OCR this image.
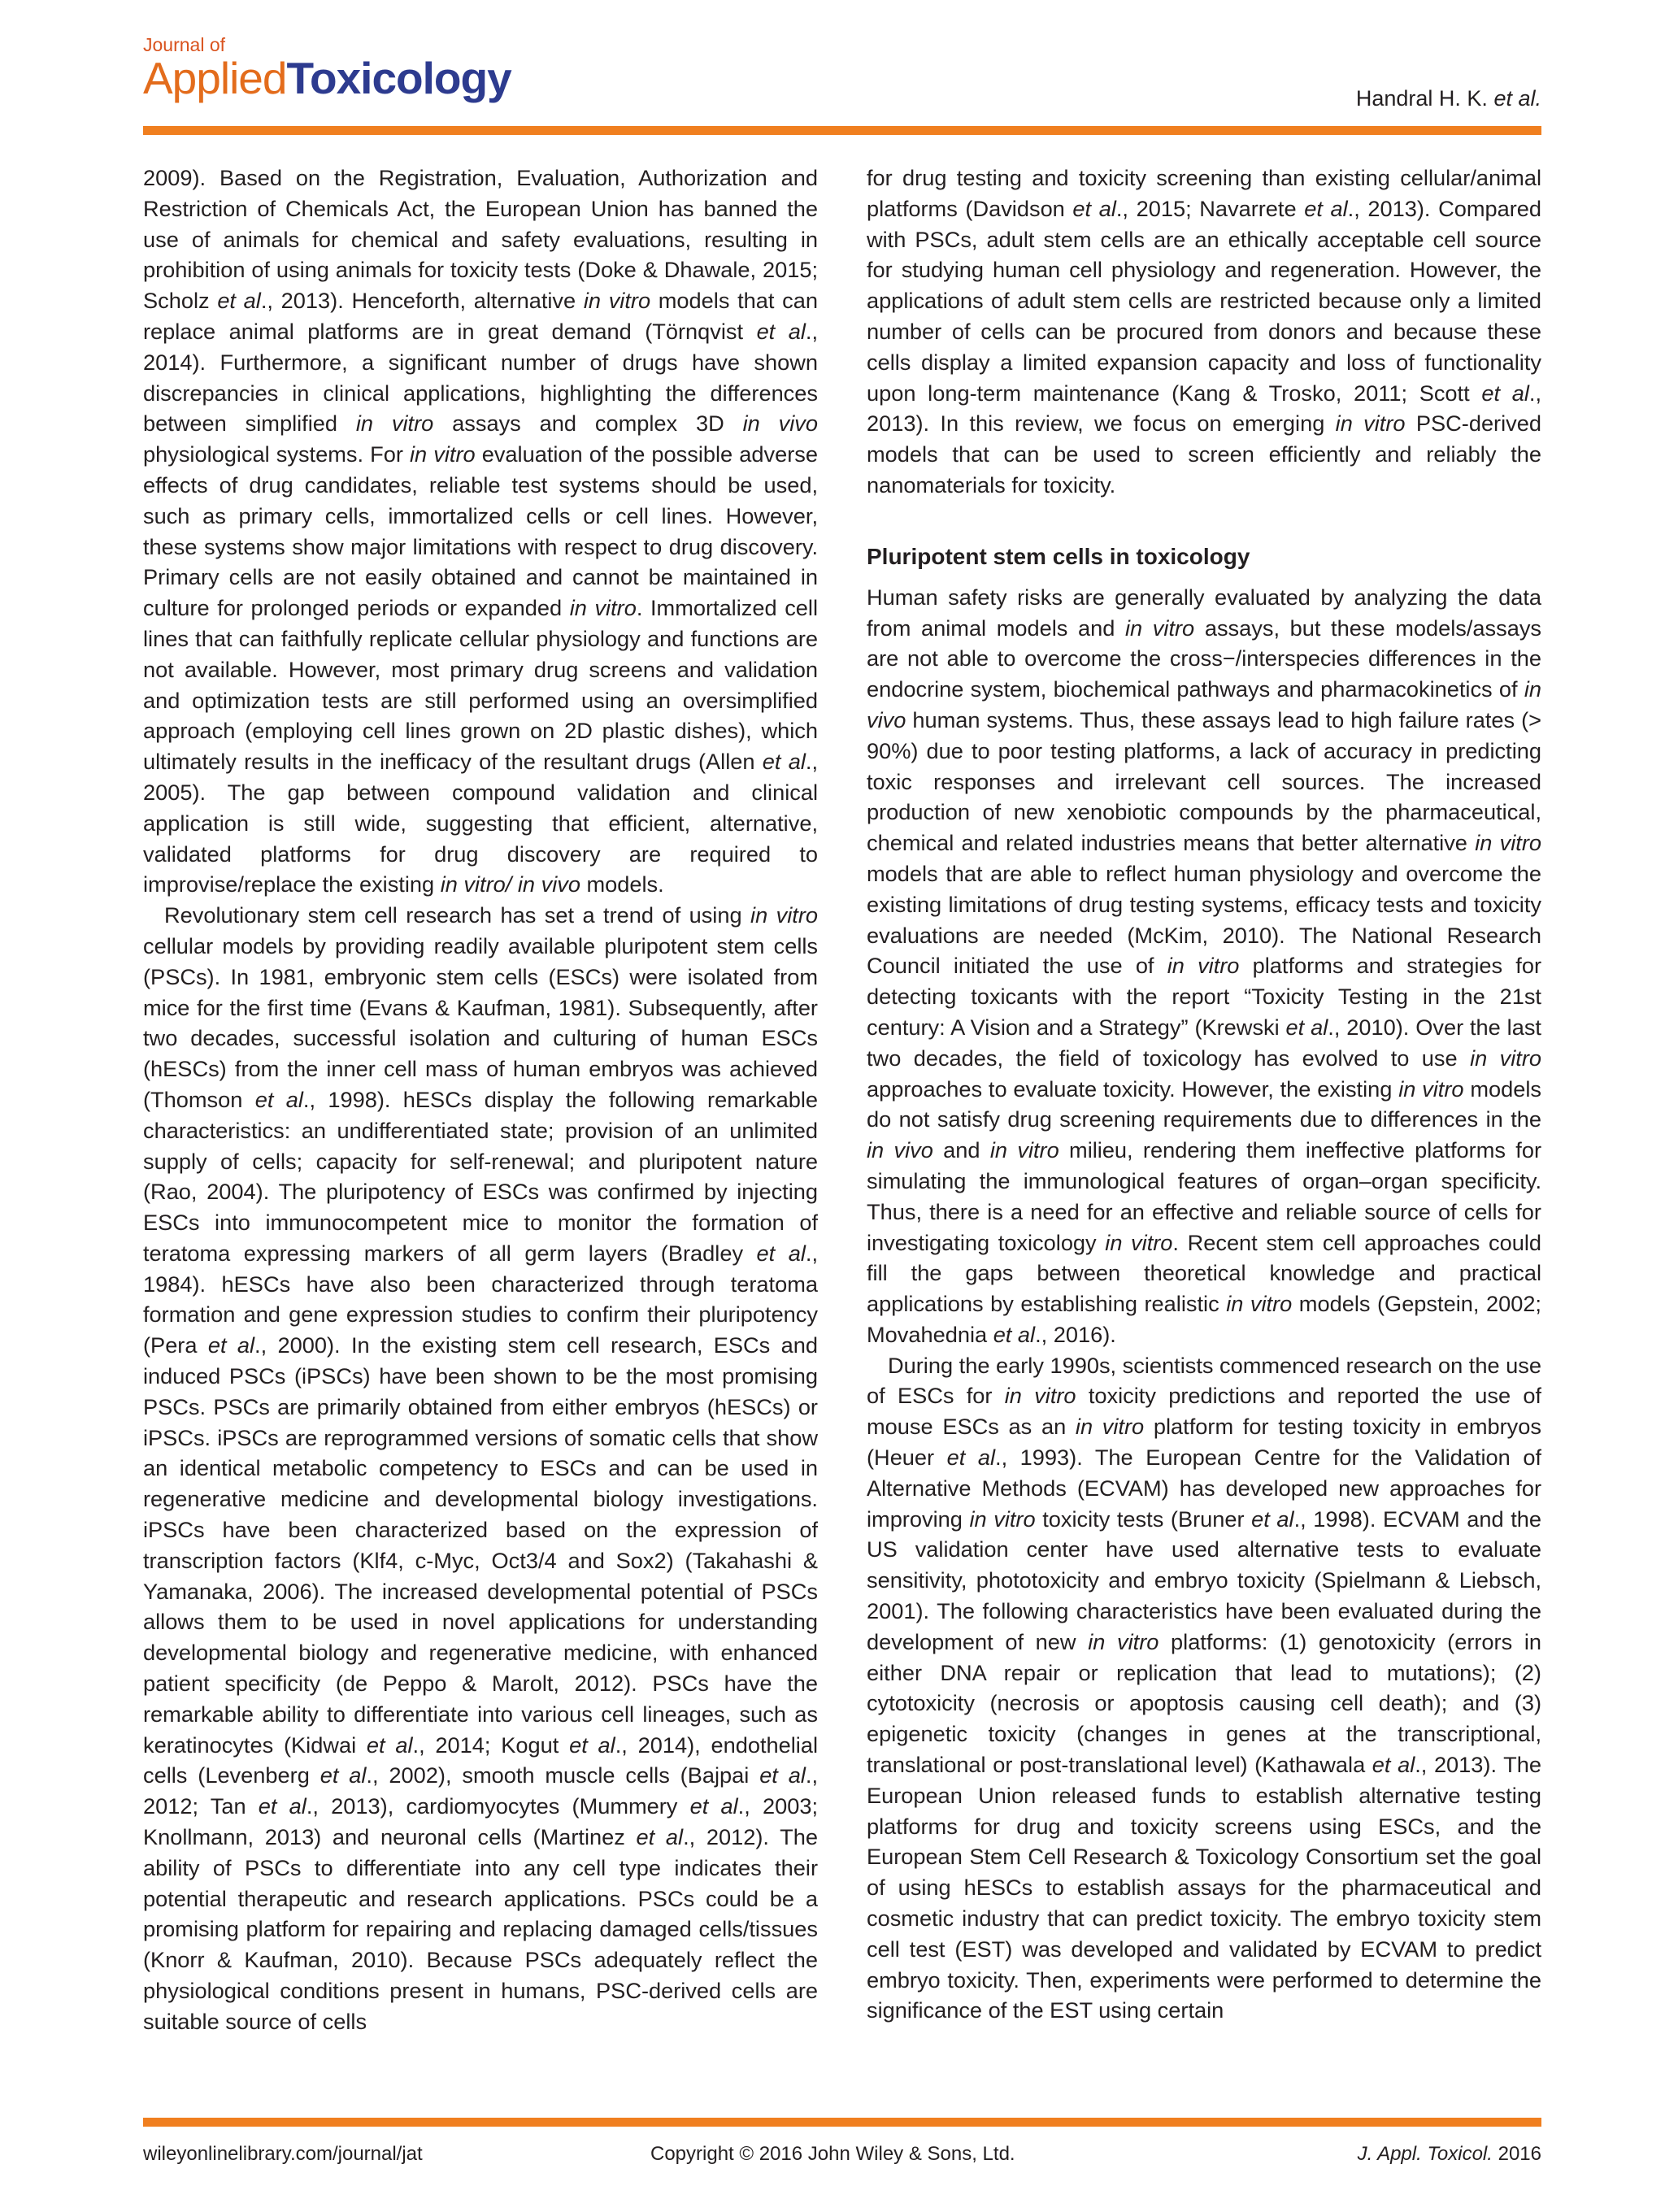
Journal of
AppliedToxicology	Handral H. K. et al.

2009). Based on the Registration, Evaluation, Authorization and Restriction of Chemicals Act, the European Union has banned the use of animals for chemical and safety evaluations, resulting in prohibition of using animals for toxicity tests (Doke & Dhawale, 2015; Scholz et al., 2013). Henceforth, alternative in vitro models that can replace animal platforms are in great demand (Törnqvist et al., 2014). Furthermore, a significant number of drugs have shown discrepancies in clinical applications, highlighting the differences between simplified in vitro assays and complex 3D in vivo physiological systems. For in vitro evaluation of the possible adverse effects of drug candidates, reliable test systems should be used, such as primary cells, immortalized cells or cell lines. However, these systems show major limitations with respect to drug discovery. Primary cells are not easily obtained and cannot be maintained in culture for prolonged periods or expanded in vitro. Immortalized cell lines that can faithfully replicate cellular physiology and functions are not available. However, most primary drug screens and validation and optimization tests are still performed using an oversimplified approach (employing cell lines grown on 2D plastic dishes), which ultimately results in the inefficacy of the resultant drugs (Allen et al., 2005). The gap between compound validation and clinical application is still wide, suggesting that efficient, alternative, validated platforms for drug discovery are required to improvise/replace the existing in vitro/ in vivo models.

Revolutionary stem cell research has set a trend of using in vitro cellular models by providing readily available pluripotent stem cells (PSCs). In 1981, embryonic stem cells (ESCs) were isolated from mice for the first time (Evans & Kaufman, 1981). Subsequently, after two decades, successful isolation and culturing of human ESCs (hESCs) from the inner cell mass of human embryos was achieved (Thomson et al., 1998). hESCs display the following remarkable characteristics: an undifferentiated state; provision of an unlimited supply of cells; capacity for self-renewal; and pluripotent nature (Rao, 2004). The pluripotency of ESCs was confirmed by injecting ESCs into immunocompetent mice to monitor the formation of teratoma expressing markers of all germ layers (Bradley et al., 1984). hESCs have also been characterized through teratoma formation and gene expression studies to confirm their pluripotency (Pera et al., 2000). In the existing stem cell research, ESCs and induced PSCs (iPSCs) have been shown to be the most promising PSCs. PSCs are primarily obtained from either embryos (hESCs) or iPSCs. iPSCs are reprogrammed versions of somatic cells that show an identical metabolic competency to ESCs and can be used in regenerative medicine and developmental biology investigations. iPSCs have been characterized based on the expression of transcription factors (Klf4, c-Myc, Oct3/4 and Sox2) (Takahashi & Yamanaka, 2006). The increased developmental potential of PSCs allows them to be used in novel applications for understanding developmental biology and regenerative medicine, with enhanced patient specificity (de Peppo & Marolt, 2012). PSCs have the remarkable ability to differentiate into various cell lineages, such as keratinocytes (Kidwai et al., 2014; Kogut et al., 2014), endothelial cells (Levenberg et al., 2002), smooth muscle cells (Bajpai et al., 2012; Tan et al., 2013), cardiomyocytes (Mummery et al., 2003; Knollmann, 2013) and neuronal cells (Martinez et al., 2012). The ability of PSCs to differentiate into any cell type indicates their potential therapeutic and research applications. PSCs could be a promising platform for repairing and replacing damaged cells/tissues (Knorr & Kaufman, 2010). Because PSCs adequately reflect the physiological conditions present in humans, PSC-derived cells are suitable source of cells

for drug testing and toxicity screening than existing cellular/animal platforms (Davidson et al., 2015; Navarrete et al., 2013). Compared with PSCs, adult stem cells are an ethically acceptable cell source for studying human cell physiology and regeneration. However, the applications of adult stem cells are restricted because only a limited number of cells can be procured from donors and because these cells display a limited expansion capacity and loss of functionality upon long-term maintenance (Kang & Trosko, 2011; Scott et al., 2013). In this review, we focus on emerging in vitro PSC-derived models that can be used to screen efficiently and reliably the nanomaterials for toxicity.

Pluripotent stem cells in toxicology

Human safety risks are generally evaluated by analyzing the data from animal models and in vitro assays, but these models/assays are not able to overcome the cross−/interspecies differences in the endocrine system, biochemical pathways and pharmacokinetics of in vivo human systems. Thus, these assays lead to high failure rates (> 90%) due to poor testing platforms, a lack of accuracy in predicting toxic responses and irrelevant cell sources. The increased production of new xenobiotic compounds by the pharmaceutical, chemical and related industries means that better alternative in vitro models that are able to reflect human physiology and overcome the existing limitations of drug testing systems, efficacy tests and toxicity evaluations are needed (McKim, 2010). The National Research Council initiated the use of in vitro platforms and strategies for detecting toxicants with the report “Toxicity Testing in the 21st century: A Vision and a Strategy” (Krewski et al., 2010). Over the last two decades, the field of toxicology has evolved to use in vitro approaches to evaluate toxicity. However, the existing in vitro models do not satisfy drug screening requirements due to differences in the in vivo and in vitro milieu, rendering them ineffective platforms for simulating the immunological features of organ–organ specificity. Thus, there is a need for an effective and reliable source of cells for investigating toxicology in vitro. Recent stem cell approaches could fill the gaps between theoretical knowledge and practical applications by establishing realistic in vitro models (Gepstein, 2002; Movahednia et al., 2016).

During the early 1990s, scientists commenced research on the use of ESCs for in vitro toxicity predictions and reported the use of mouse ESCs as an in vitro platform for testing toxicity in embryos (Heuer et al., 1993). The European Centre for the Validation of Alternative Methods (ECVAM) has developed new approaches for improving in vitro toxicity tests (Bruner et al., 1998). ECVAM and the US validation center have used alternative tests to evaluate sensitivity, phototoxicity and embryo toxicity (Spielmann & Liebsch, 2001). The following characteristics have been evaluated during the development of new in vitro platforms: (1) genotoxicity (errors in either DNA repair or replication that lead to mutations); (2) cytotoxicity (necrosis or apoptosis causing cell death); and (3) epigenetic toxicity (changes in genes at the transcriptional, translational or post-translational level) (Kathawala et al., 2013). The European Union released funds to establish alternative testing platforms for drug and toxicity screens using ESCs, and the European Stem Cell Research & Toxicology Consortium set the goal of using hESCs to establish assays for the pharmaceutical and cosmetic industry that can predict toxicity. The embryo toxicity stem cell test (EST) was developed and validated by ECVAM to predict embryo toxicity. Then, experiments were performed to determine the significance of the EST using certain

wileyonlinelibrary.com/journal/jat	Copyright © 2016 John Wiley & Sons, Ltd.	J. Appl. Toxicol. 2016
